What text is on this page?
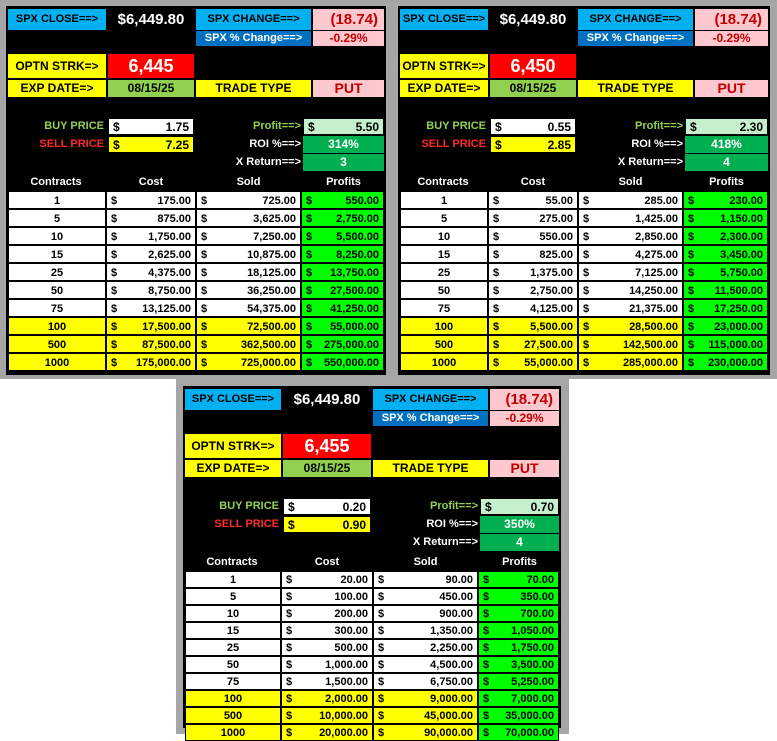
SPX CLOSE==>	$6,449.80	SPX CHANGE==>	(18.74)
SPX % Change==>	-0.29%
OPTN STRK=>	6,445
EXP DATE=>	08/15/25	TRADE TYPE	PUT
BUY PRICE $	1.75	Profit==> $	5.50
SELL PRICE $	7.25	ROI %==>	314%
X Return==>	3
Contracts	Cost	Sold	Profits
1	$	175.00 $	725.00 $	550.00
5	$	875.00 $	3,625.00 $ 2,750.00
10	$	1,750.00 $	7,250.00 $ 5,500.00
15	$	2,625.00 $	10,875.00 $ 8,250.00
25	$	4,375.00 $	18,125.00 $ 13,750.00
50	$	8,750.00 $	36,250.00 $ 27,500.00
75	$ 13,125.00 $	54,375.00 $ 41,250.00
100	$ 17,500.00 $	72,500.00 $ 55,000.00
500	$ 87,500.00 $	362,500.00 $ 275,000.00
1000	$ 175,000.00 $	725,000.00 $ 550,000.00
SPX CLOSE==> $6,449.80	SPX CHANGE==>	(18.74)
SPX % Change==>	-0.29%
OPTN STRK=>	6,450
EXP DATE=>	08/15/25	TRADE TYPE	PUT
BUY PRICE $	0.55	Profit==> $	2.30
SELL PRICE $	2.85	ROI %==>	418%
X Return==>	4
Contracts	Cost	Sold	Profits
1	$	55.00 $	285.00 $	230.00
5	$	275.00 $	1,425.00 $ 1,150.00
10	$	550.00 $	2,850.00 $ 2,300.00
15	$	825.00 $	4,275.00 $ 3,450.00
25	$	1,375.00 $	7,125.00 $ 5,750.00
50	$	2,750.00 $	14,250.00 $ 11,500.00
75	$	4,125.00 $	21,375.00 $ 17,250.00
100	$	5,500.00 $	28,500.00 $ 23,000.00
500	$ 27,500.00 $	142,500.00 $ 115,000.00
1000	$ 55,000.00 $	285,000.00 $ 230,000.00
SPX CLOSE==>	$6,449.80	SPX CHANGE==>	(18.74)
SPX % Change==>	-0.29%
OPTN STRK=>	6,455
EXP DATE=>	08/15/25	TRADE TYPE	PUT
BUY PRICE $	0.20	Profit==> $	0.70
SELL PRICE $	0.90	ROI %==>	350%
X Return==>	4
Contracts	Cost	Sold	Profits
1	$	20.00 $	90.00 $	70.00
5	$	100.00 $	450.00 $	350.00
10	$	200.00 $	900.00 $	700.00
15	$	300.00 $	1,350.00 $ 1,050.00
25	$	500.00 $	2,250.00 $ 1,750.00
50	$	1,000.00 $	4,500.00 $ 3,500.00
75	$	1,500.00 $	6,750.00 $ 5,250.00
100	$	2,000.00 $	9,000.00 $ 7,000.00
500	$ 10,000.00 $	45,000.00 $ 35,000.00
1000	$ 20,000.00 $	90,000.00 $ 70,000.00
